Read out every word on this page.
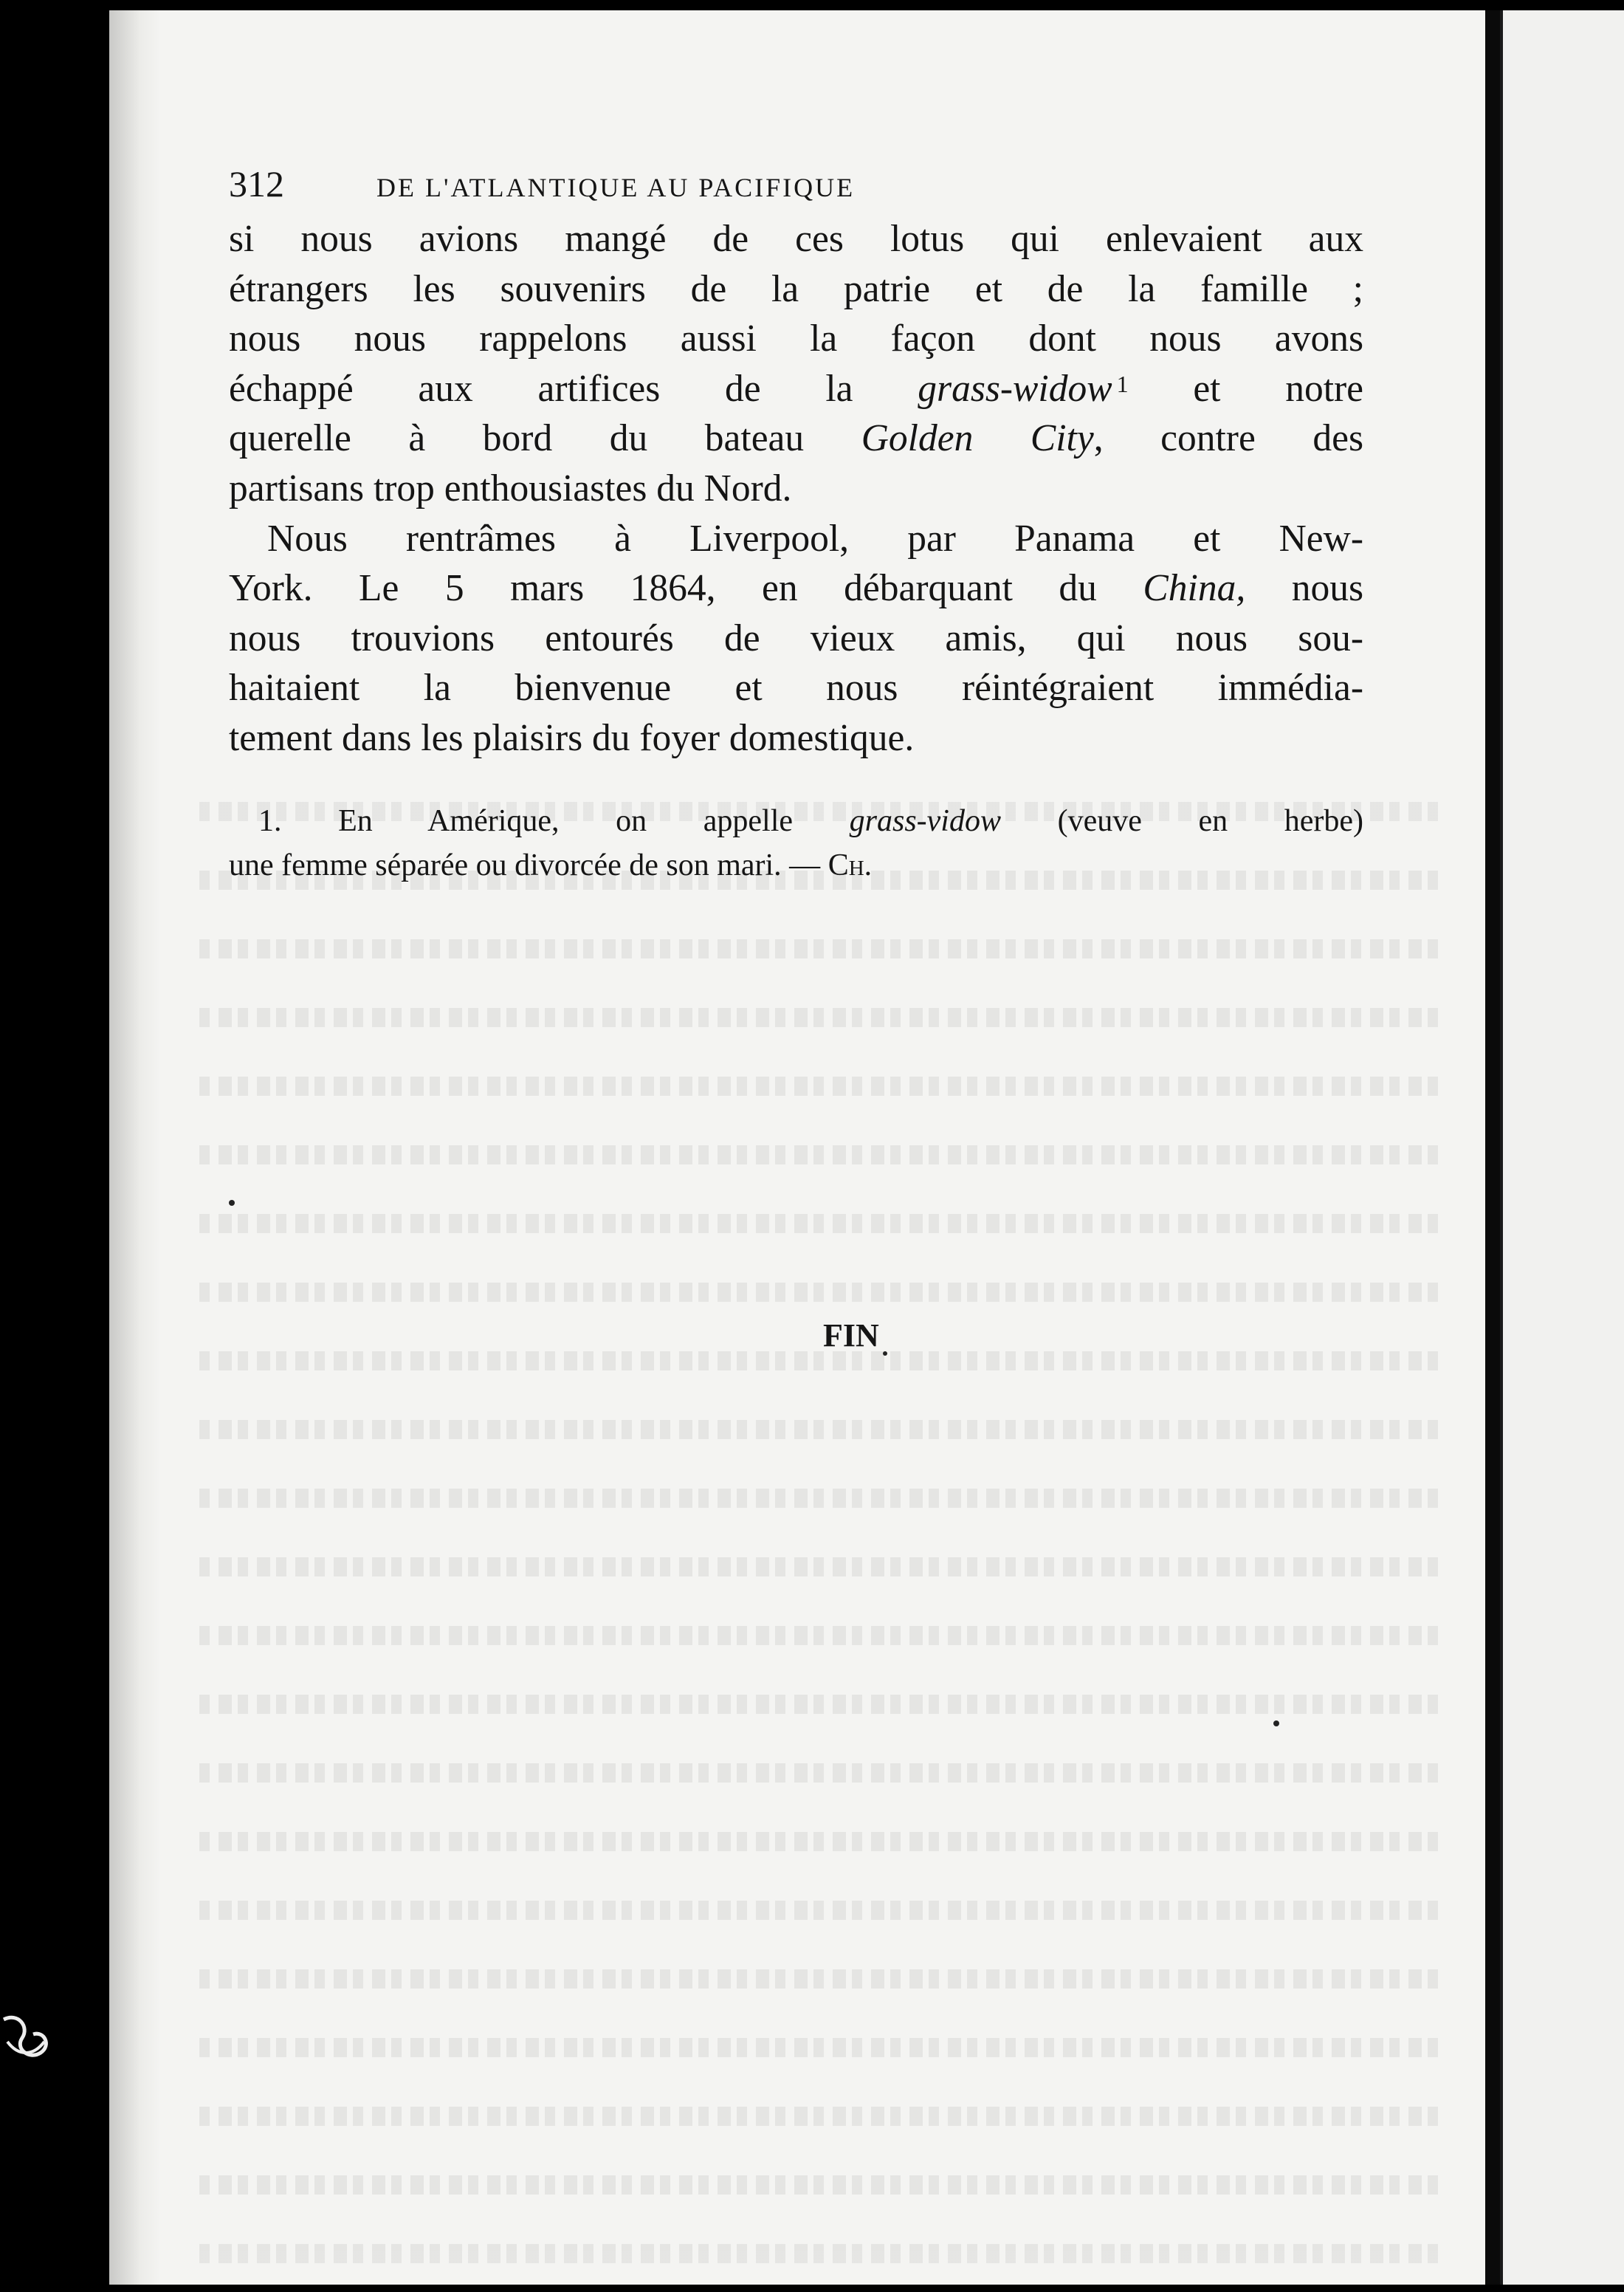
312	DE L'ATLANTIQUE AU PACIFIQUE
si nous avions mangé de ces lotus qui enlevaient aux
étrangers les souvenirs de la patrie et de la famille ;
nous nous rappelons aussi la façon dont nous avons
échappé aux artifices de la grass-widow $^1$ et notre
querelle à bord du bateau Golden City, contre des
partisans trop enthousiastes du Nord.
Nous rentrâmes à Liverpool, par Panama et New-
York. Le 5 mars 1864, en débarquant du China, nous
nous trouvions entourés de vieux amis, qui nous sou-
haitaient la bienvenue et nous réintégraient immédia-
tement dans les plaisirs du foyer domestique.
1. En Amérique, on appelle grass-vidow (veuve en herbe)
une femme séparée ou divorcée de son mari. — Ch.
FIN
